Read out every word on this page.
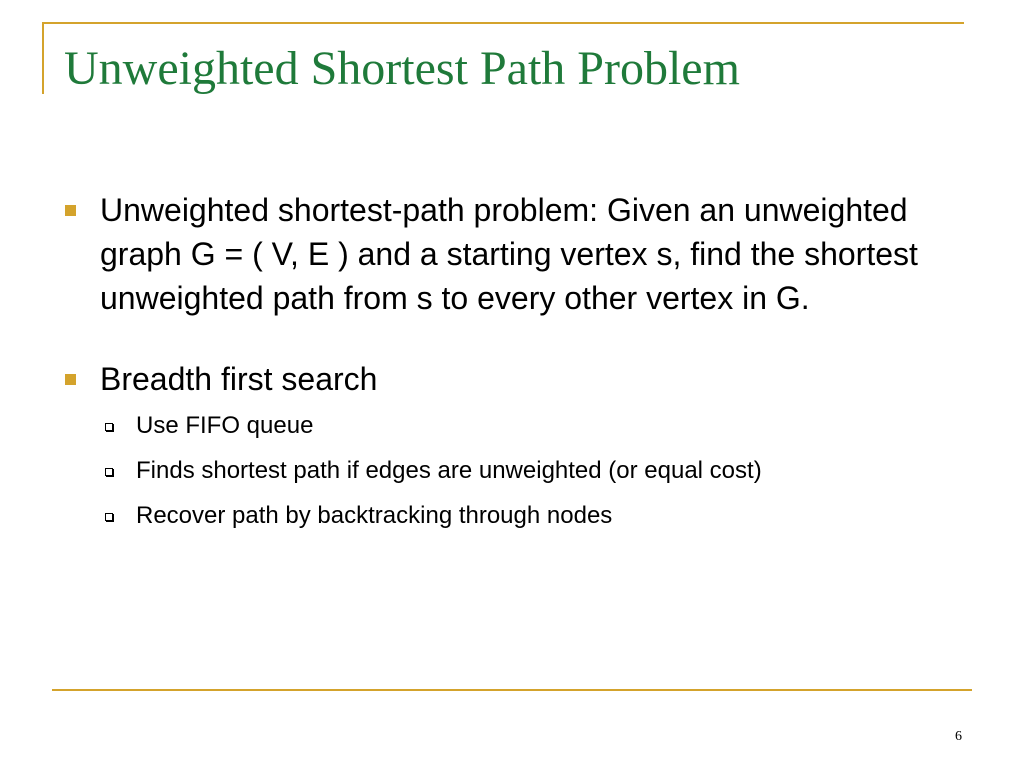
Unweighted Shortest Path Problem
Unweighted shortest-path problem: Given an unweighted graph G = ( V, E ) and a starting vertex s, find the shortest unweighted path from s to every other vertex in G.
Breadth first search
Use FIFO queue
Finds shortest path if edges are unweighted (or equal cost)
Recover path by backtracking through nodes
6
